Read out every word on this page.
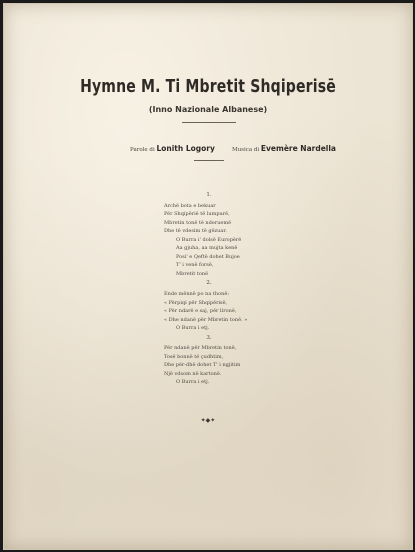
Hymne M. Ti Mbretit Shqiperisē
(Inno Nazionale Albanese)
Parole di Lonith Logory	Musica di Evemère Nardella
1.
Archë bota e bekuar
Për Shqipërië të lumpurë,
Mbretin tonë të nderuemë
Dhe të vdesim të gëzuar.
O Burra i' dolsë Europërë
Aa gjuha, aa mujta kenë
Posi' e Qeftë dohet Bujoe
T' i venë forsë,
Mbretit tonë
2.
Ende mënnë po na thonë:
« Përpiqi për Shqipërisë,
« Për ndarë e saj, për lironë,
« Dhe ndanë për Mbretin tonë. »
O Burra i etj.
3.
Për ndanë për Mbretin tonë,
Tosë bonnë të çudhtim,
Dhe për-dhë dohet T' i ngjitim
Një vdsom në kartonë.
O Burra i etj.
✦◆✦
